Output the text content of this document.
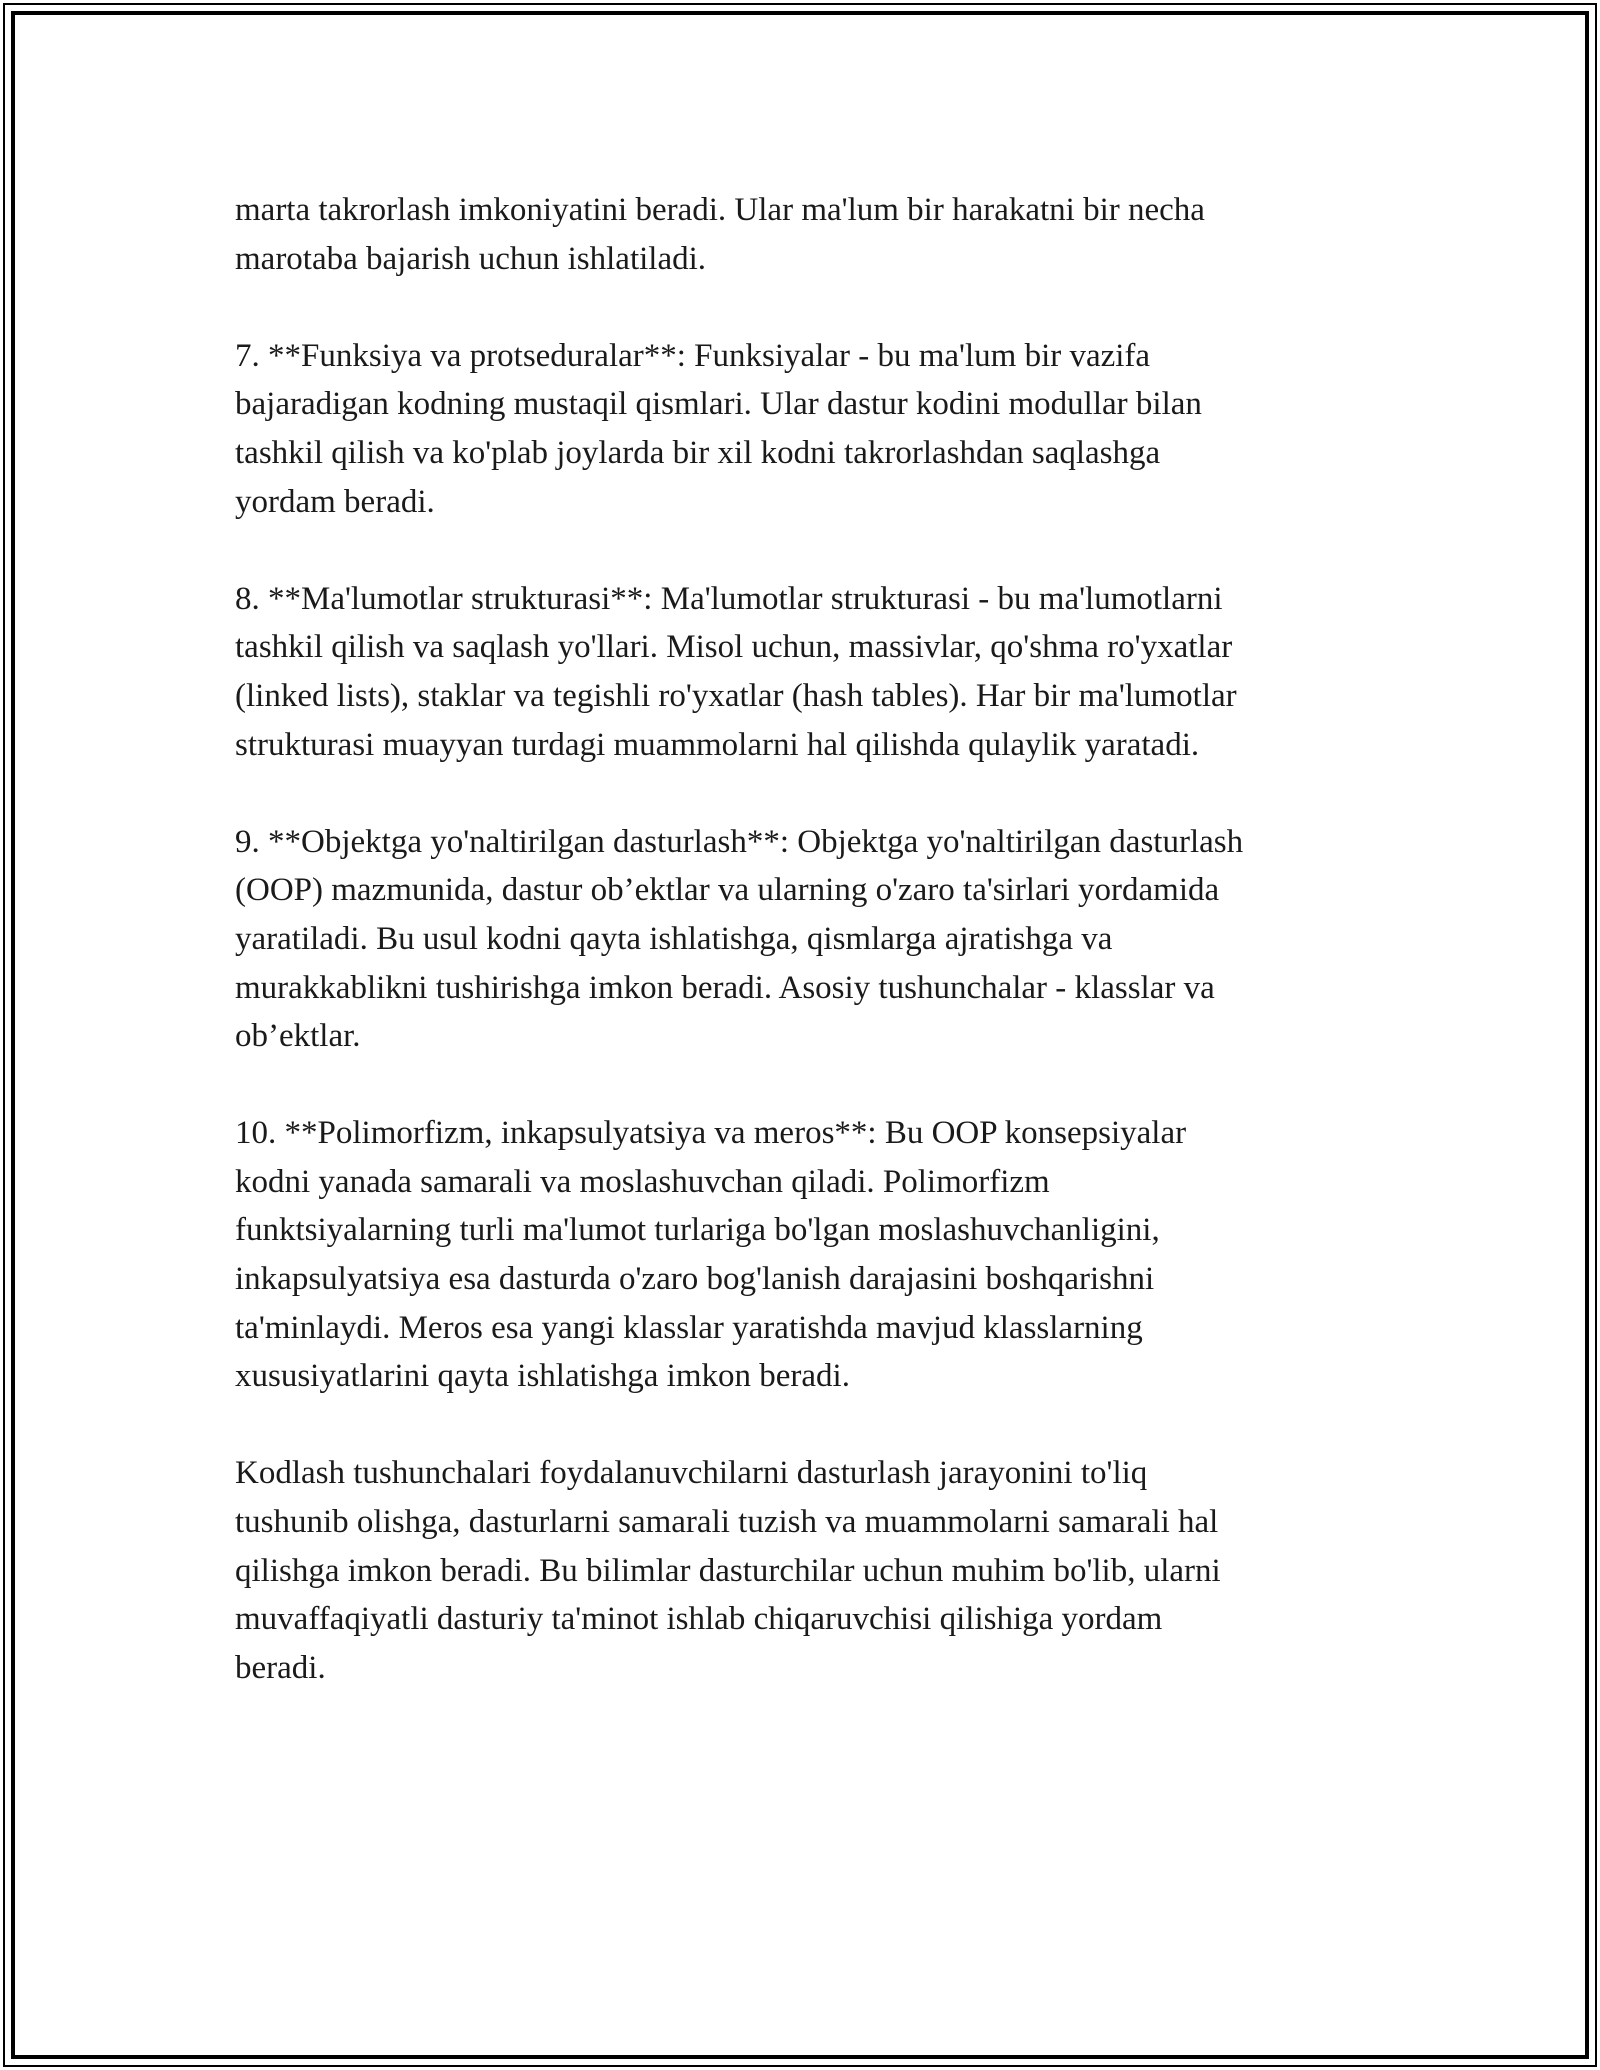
marta takrorlash imkoniyatini beradi. Ular ma'lum bir harakatni bir necha
marotaba bajarish uchun ishlatiladi.

7. **Funksiya va protseduralar**: Funksiyalar - bu ma'lum bir vazifa
bajaradigan kodning mustaqil qismlari. Ular dastur kodini modullar bilan
tashkil qilish va ko'plab joylarda bir xil kodni takrorlashdan saqlashga
yordam beradi.

8. **Ma'lumotlar strukturasi**: Ma'lumotlar strukturasi - bu ma'lumotlarni
tashkil qilish va saqlash yo'llari. Misol uchun, massivlar, qo'shma ro'yxatlar
(linked lists), staklar va tegishli ro'yxatlar (hash tables). Har bir ma'lumotlar
strukturasi muayyan turdagi muammolarni hal qilishda qulaylik yaratadi.

9. **Objektga yo'naltirilgan dasturlash**: Objektga yo'naltirilgan dasturlash
(OOP) mazmunida, dastur ob’ektlar va ularning o'zaro ta'sirlari yordamida
yaratiladi. Bu usul kodni qayta ishlatishga, qismlarga ajratishga va
murakkablikni tushirishga imkon beradi. Asosiy tushunchalar - klasslar va
ob’ektlar.

10. **Polimorfizm, inkapsulyatsiya va meros**: Bu OOP konsepsiyalar
kodni yanada samarali va moslashuvchan qiladi. Polimorfizm
funktsiyalarning turli ma'lumot turlariga bo'lgan moslashuvchanligini,
inkapsulyatsiya esa dasturda o'zaro bog'lanish darajasini boshqarishni
ta'minlaydi. Meros esa yangi klasslar yaratishda mavjud klasslarning
xususiyatlarini qayta ishlatishga imkon beradi.

Kodlash tushunchalari foydalanuvchilarni dasturlash jarayonini to'liq
tushunib olishga, dasturlarni samarali tuzish va muammolarni samarali hal
qilishga imkon beradi. Bu bilimlar dasturchilar uchun muhim bo'lib, ularni
muvaffaqiyatli dasturiy ta'minot ishlab chiqaruvchisi qilishiga yordam
beradi.
